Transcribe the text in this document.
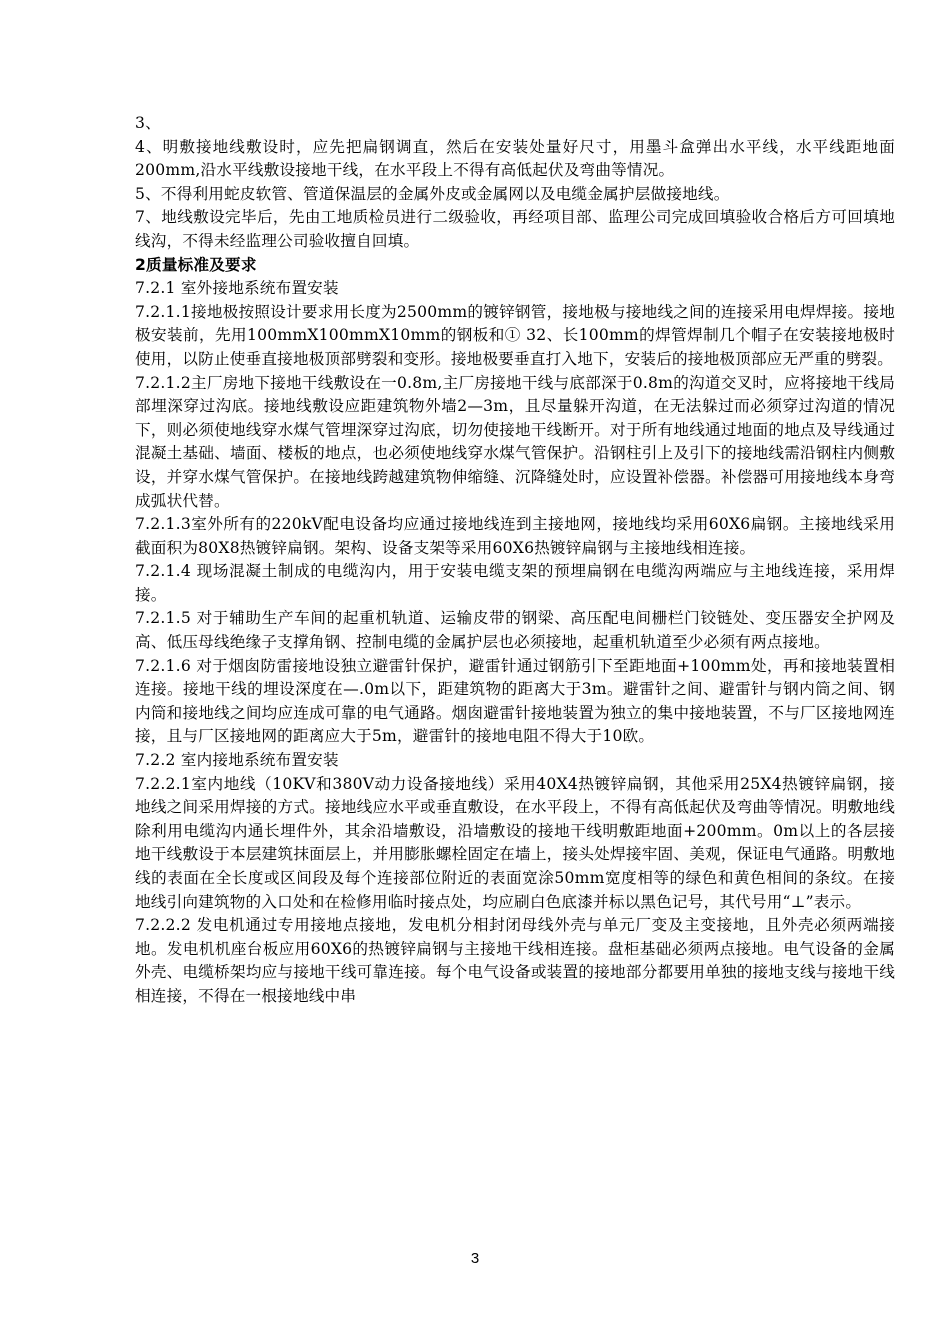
3、

4、明敷接地线敷设时，应先把扁钢调直，然后在安装处量好尺寸，用墨斗盒弹出水平线，水平线距地面200mm,沿水平线敷设接地干线，在水平段上不得有高低起伏及弯曲等情况。

5、不得利用蛇皮软管、管道保温层的金属外皮或金属网以及电缆金属护层做接地线。

7、地线敷设完毕后，先由工地质检员进行二级验收，再经项目部、监理公司完成回填验收合格后方可回填地线沟，不得未经监理公司验收擅自回填。

2质量标准及要求

7.2.1 室外接地系统布置安装

7.2.1.1接地极按照设计要求用长度为2500mm的镀锌钢管，接地极与接地线之间的连接采用电焊焊接。接地极安装前，先用100mmX100mmX10mm的钢板和① 32、长100mm的焊管焊制几个帽子在安装接地极时使用，以防止使垂直接地极顶部劈裂和变形。接地极要垂直打入地下，安装后的接地极顶部应无严重的劈裂。

7.2.1.2主厂房地下接地干线敷设在一0.8m,主厂房接地干线与底部深于0.8m的沟道交叉时，应将接地干线局部埋深穿过沟底。接地线敷设应距建筑物外墙2—3m，且尽量躲开沟道，在无法躲过而必须穿过沟道的情况下，则必须使地线穿水煤气管埋深穿过沟底，切勿使接地干线断开。对于所有地线通过地面的地点及导线通过混凝土基础、墙面、楼板的地点，也必须使地线穿水煤气管保护。沿钢柱引上及引下的接地线需沿钢柱内侧敷设，并穿水煤气管保护。在接地线跨越建筑物伸缩缝、沉降缝处时，应设置补偿器。补偿器可用接地线本身弯成弧状代替。

7.2.1.3室外所有的220kV配电设备均应通过接地线连到主接地网，接地线均采用60X6扁钢。主接地线采用截面积为80X8热镀锌扁钢。架构、设备支架等采用60X6热镀锌扁钢与主接地线相连接。

7.2.1.4 现场混凝土制成的电缆沟内，用于安装电缆支架的预埋扁钢在电缆沟两端应与主地线连接，采用焊接。

7.2.1.5 对于辅助生产车间的起重机轨道、运输皮带的钢梁、高压配电间栅栏门铰链处、变压器安全护网及高、低压母线绝缘子支撑角钢、控制电缆的金属护层也必须接地，起重机轨道至少必须有两点接地。

7.2.1.6 对于烟囱防雷接地设独立避雷针保护，避雷针通过钢筋引下至距地面+100mm处，再和接地装置相连接。接地干线的埋设深度在—.0m以下，距建筑物的距离大于3m。避雷针之间、避雷针与钢内筒之间、钢内筒和接地线之间均应连成可靠的电气通路。烟囱避雷针接地装置为独立的集中接地装置，不与厂区接地网连接，且与厂区接地网的距离应大于5m，避雷针的接地电阻不得大于10欧。

7.2.2 室内接地系统布置安装

7.2.2.1室内地线（10KV和380V动力设备接地线）采用40X4热镀锌扁钢，其他采用25X4热镀锌扁钢，接地线之间采用焊接的方式。接地线应水平或垂直敷设，在水平段上，不得有高低起伏及弯曲等情况。明敷地线除利用电缆沟内通长埋件外，其余沿墙敷设，沿墙敷设的接地干线明敷距地面+200mm。0m以上的各层接地干线敷设于本层建筑抹面层上，并用膨胀螺栓固定在墙上，接头处焊接牢固、美观，保证电气通路。明敷地线的表面在全长度或区间段及每个连接部位附近的表面宽涂50mm宽度相等的绿色和黄色相间的条纹。在接地线引向建筑物的入口处和在检修用临时接点处，均应刷白色底漆并标以黑色记号，其代号用“⊥”表示。

7.2.2.2 发电机通过专用接地点接地，发电机分相封闭母线外壳与单元厂变及主变接地，且外壳必须两端接地。发电机机座台板应用60X6的热镀锌扁钢与主接地干线相连接。盘柜基础必须两点接地。电气设备的金属外壳、电缆桥架均应与接地干线可靠连接。每个电气设备或装置的接地部分都要用单独的接地支线与接地干线相连接，不得在一根接地线中串

3
